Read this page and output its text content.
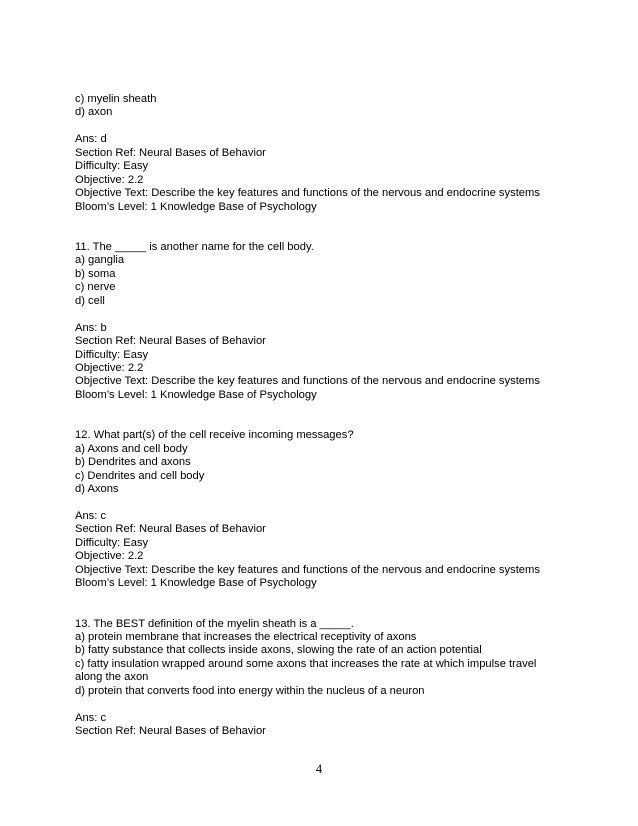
c) myelin sheath
d) axon
Ans: d
Section Ref: Neural Bases of Behavior
Difficulty: Easy
Objective: 2.2
Objective Text: Describe the key features and functions of the nervous and endocrine systems
Bloom’s Level: 1 Knowledge Base of Psychology
11. The _____ is another name for the cell body.
a) ganglia
b) soma
c) nerve
d) cell
Ans: b
Section Ref: Neural Bases of Behavior
Difficulty: Easy
Objective: 2.2
Objective Text: Describe the key features and functions of the nervous and endocrine systems
Bloom’s Level: 1 Knowledge Base of Psychology
12. What part(s) of the cell receive incoming messages?
a) Axons and cell body
b) Dendrites and axons
c) Dendrites and cell body
d) Axons
Ans: c
Section Ref: Neural Bases of Behavior
Difficulty: Easy
Objective: 2.2
Objective Text: Describe the key features and functions of the nervous and endocrine systems
Bloom’s Level: 1 Knowledge Base of Psychology
13. The BEST definition of the myelin sheath is a _____.
a) protein membrane that increases the electrical receptivity of axons
b) fatty substance that collects inside axons, slowing the rate of an action potential
c) fatty insulation wrapped around some axons that increases the rate at which impulse travel
along the axon
d) protein that converts food into energy within the nucleus of a neuron
Ans: c
Section Ref: Neural Bases of Behavior
4
